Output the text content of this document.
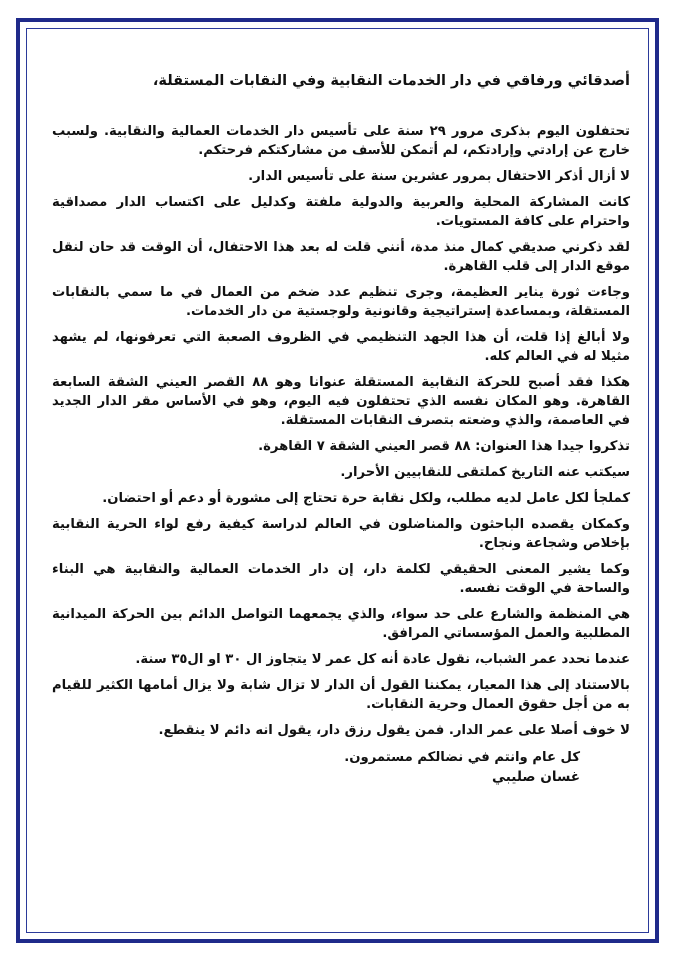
أصدقائي ورفاقي في دار الخدمات النقابية وفي النقابات المستقلة،
تحتفلون اليوم بذكرى مرور ٢٩ سنة على تأسيس دار الخدمات العمالية والنقابية. ولسبب خارج عن إرادتي وإرادتكم، لم أتمكن للأسف من مشاركتكم فرحتكم.
لا أزال أذكر الاحتفال بمرور عشرين سنة على تأسيس الدار.
كانت المشاركة المحلية والعربية والدولية ملفتة وكدليل على اكتساب الدار مصداقية واحترام على كافة المستويات.
لقد ذكرني صديقي كمال منذ مدة، أنني قلت له بعد هذا الاحتفال، أن الوقت قد حان لنقل موقع الدار إلى قلب القاهرة.
وجاءت ثورة يناير العظيمة، وجرى تنظيم عدد ضخم من العمال في ما سمي بالنقابات المستقلة، وبمساعدة إستراتيجية وقانونية ولوجستية من دار الخدمات.
ولا أبالغ إذا قلت، أن هذا الجهد التنظيمي في الظروف الصعبة التي تعرفونها، لم يشهد مثيلا له في العالم كله.
هكذا فقد أصبح للحركة النقابية المستقلة عنوانا وهو ٨٨ القصر العيني الشقة السابعة القاهرة. وهو المكان نفسه الذي تحتفلون فيه اليوم، وهو في الأساس مقر الدار الجديد في العاصمة، والذي وضعته بتصرف النقابات المستقلة.
تذكروا جيدا هذا العنوان: ٨٨ قصر العيني الشقة ٧ القاهرة.
سيكتب عنه التاريخ كملتقى للنقابيين الأحرار.
كملجأ لكل عامل لديه مطلب، ولكل نقابة حرة تحتاج إلى مشورة أو دعم أو احتضان.
وكمكان يقصده الباحثون والمناضلون في العالم لدراسة كيفية رفع لواء الحرية النقابية بإخلاص وشجاعة ونجاح.
وكما يشير المعنى الحقيقي لكلمة دار، إن دار الخدمات العمالية والنقابية هي البناء والساحة في الوقت نفسه.
هي المنظمة والشارع على حد سواء، والذي يجمعهما التواصل الدائم بين الحركة الميدانية المطلبية والعمل المؤسساتي المرافق.
عندما نحدد عمر الشباب، نقول عادة أنه كل عمر لا يتجاوز ال ٣٠ او ال٣٥ سنة.
بالاستناد إلى هذا المعيار، يمكننا القول أن الدار لا تزال شابة ولا يزال أمامها الكثير للقيام به من أجل حقوق العمال وحرية النقابات.
لا خوف أصلا على عمر الدار. فمن يقول رزق دار، يقول انه دائم لا ينقطع.
كل عام وانتم في نضالكم مستمرون.
غسان صليبي
